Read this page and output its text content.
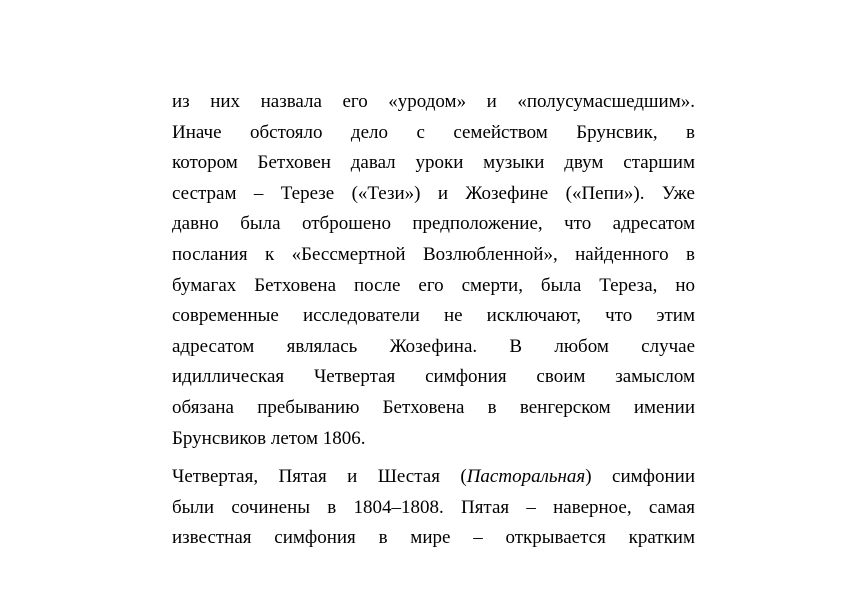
из них назвала его «уродом» и «полусумасшедшим».
Иначе обстояло дело с семейством Брунсвик, в
котором Бетховен давал уроки музыки двум старшим
сестрам – Терезе («Тези») и Жозефине («Пепи»). Уже
давно была отброшено предположение, что адресатом
послания к «Бессмертной Возлюбленной», найденного в
бумагах Бетховена после его смерти, была Тереза, но
современные исследователи не исключают, что этим
адресатом являлась Жозефина. В любом случае
идиллическая Четвертая симфония своим замыслом
обязана пребыванию Бетховена в венгерском имении
Брунсвиков летом 1806.
Четвертая, Пятая и Шестая (Пасторальная) симфонии
были сочинены в 1804–1808. Пятая – наверное, самая
известная симфония в мире – открывается кратким
